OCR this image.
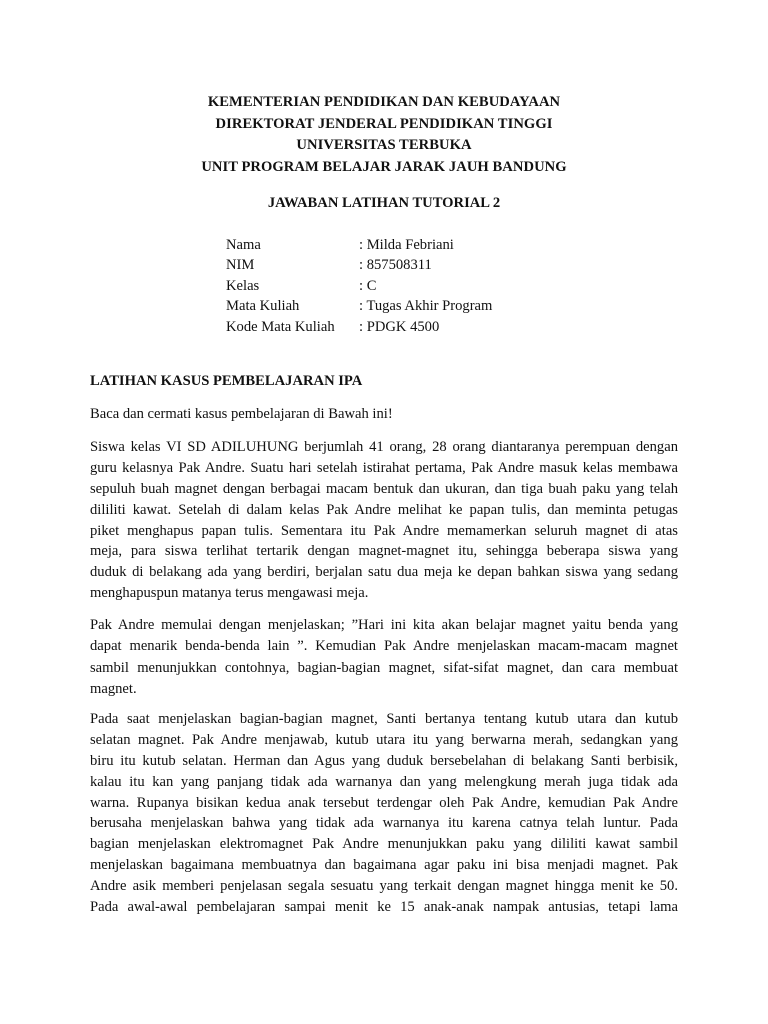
KEMENTERIAN PENDIDIKAN DAN KEBUDAYAAN
DIREKTORAT JENDERAL PENDIDIKAN TINGGI
UNIVERSITAS TERBUKA
UNIT PROGRAM BELAJAR JARAK JAUH BANDUNG
JAWABAN LATIHAN TUTORIAL 2
Nama	: Milda Febriani
NIM	: 857508311
Kelas	: C
Mata Kuliah	: Tugas Akhir Program
Kode Mata Kuliah	: PDGK 4500
LATIHAN KASUS PEMBELAJARAN IPA
Baca dan cermati kasus pembelajaran di Bawah ini!
Siswa kelas VI SD ADILUHUNG berjumlah 41 orang, 28 orang diantaranya perempuan dengan
guru kelasnya Pak Andre. Suatu hari setelah istirahat pertama, Pak Andre masuk kelas membawa
sepuluh buah magnet dengan berbagai macam bentuk dan ukuran, dan tiga buah paku yang telah
dililiti kawat. Setelah di dalam kelas Pak Andre melihat ke papan tulis, dan meminta petugas
piket menghapus papan tulis. Sementara itu Pak Andre memamerkan seluruh magnet di atas
meja, para siswa terlihat tertarik dengan magnet-magnet itu, sehingga beberapa siswa yang
duduk di belakang ada yang berdiri, berjalan satu dua meja ke depan bahkan siswa yang sedang
menghapuspun matanya terus mengawasi meja.
Pak Andre memulai dengan menjelaskan; ”Hari ini kita akan belajar magnet yaitu benda yang
dapat menarik benda-benda lain ”. Kemudian Pak Andre menjelaskan macam-macam magnet
sambil menunjukkan contohnya, bagian-bagian magnet, sifat-sifat magnet, dan cara membuat
magnet.
Pada saat menjelaskan bagian-bagian magnet, Santi bertanya tentang kutub utara dan kutub
selatan magnet. Pak Andre menjawab, kutub utara itu yang berwarna merah, sedangkan yang
biru itu kutub selatan. Herman dan Agus yang duduk bersebelahan di belakang Santi berbisik,
kalau itu kan yang panjang tidak ada warnanya dan yang melengkung merah juga tidak ada
warna. Rupanya bisikan kedua anak tersebut terdengar oleh Pak Andre, kemudian Pak Andre
berusaha menjelaskan bahwa yang tidak ada warnanya itu karena catnya telah luntur. Pada
bagian menjelaskan elektromagnet Pak Andre menunjukkan paku yang dililiti kawat sambil
menjelaskan bagaimana membuatnya dan bagaimana agar paku ini bisa menjadi magnet. Pak
Andre asik memberi penjelasan segala sesuatu yang terkait dengan magnet hingga menit ke 50.
Pada awal-awal pembelajaran sampai menit ke 15 anak-anak nampak antusias, tetapi lama
